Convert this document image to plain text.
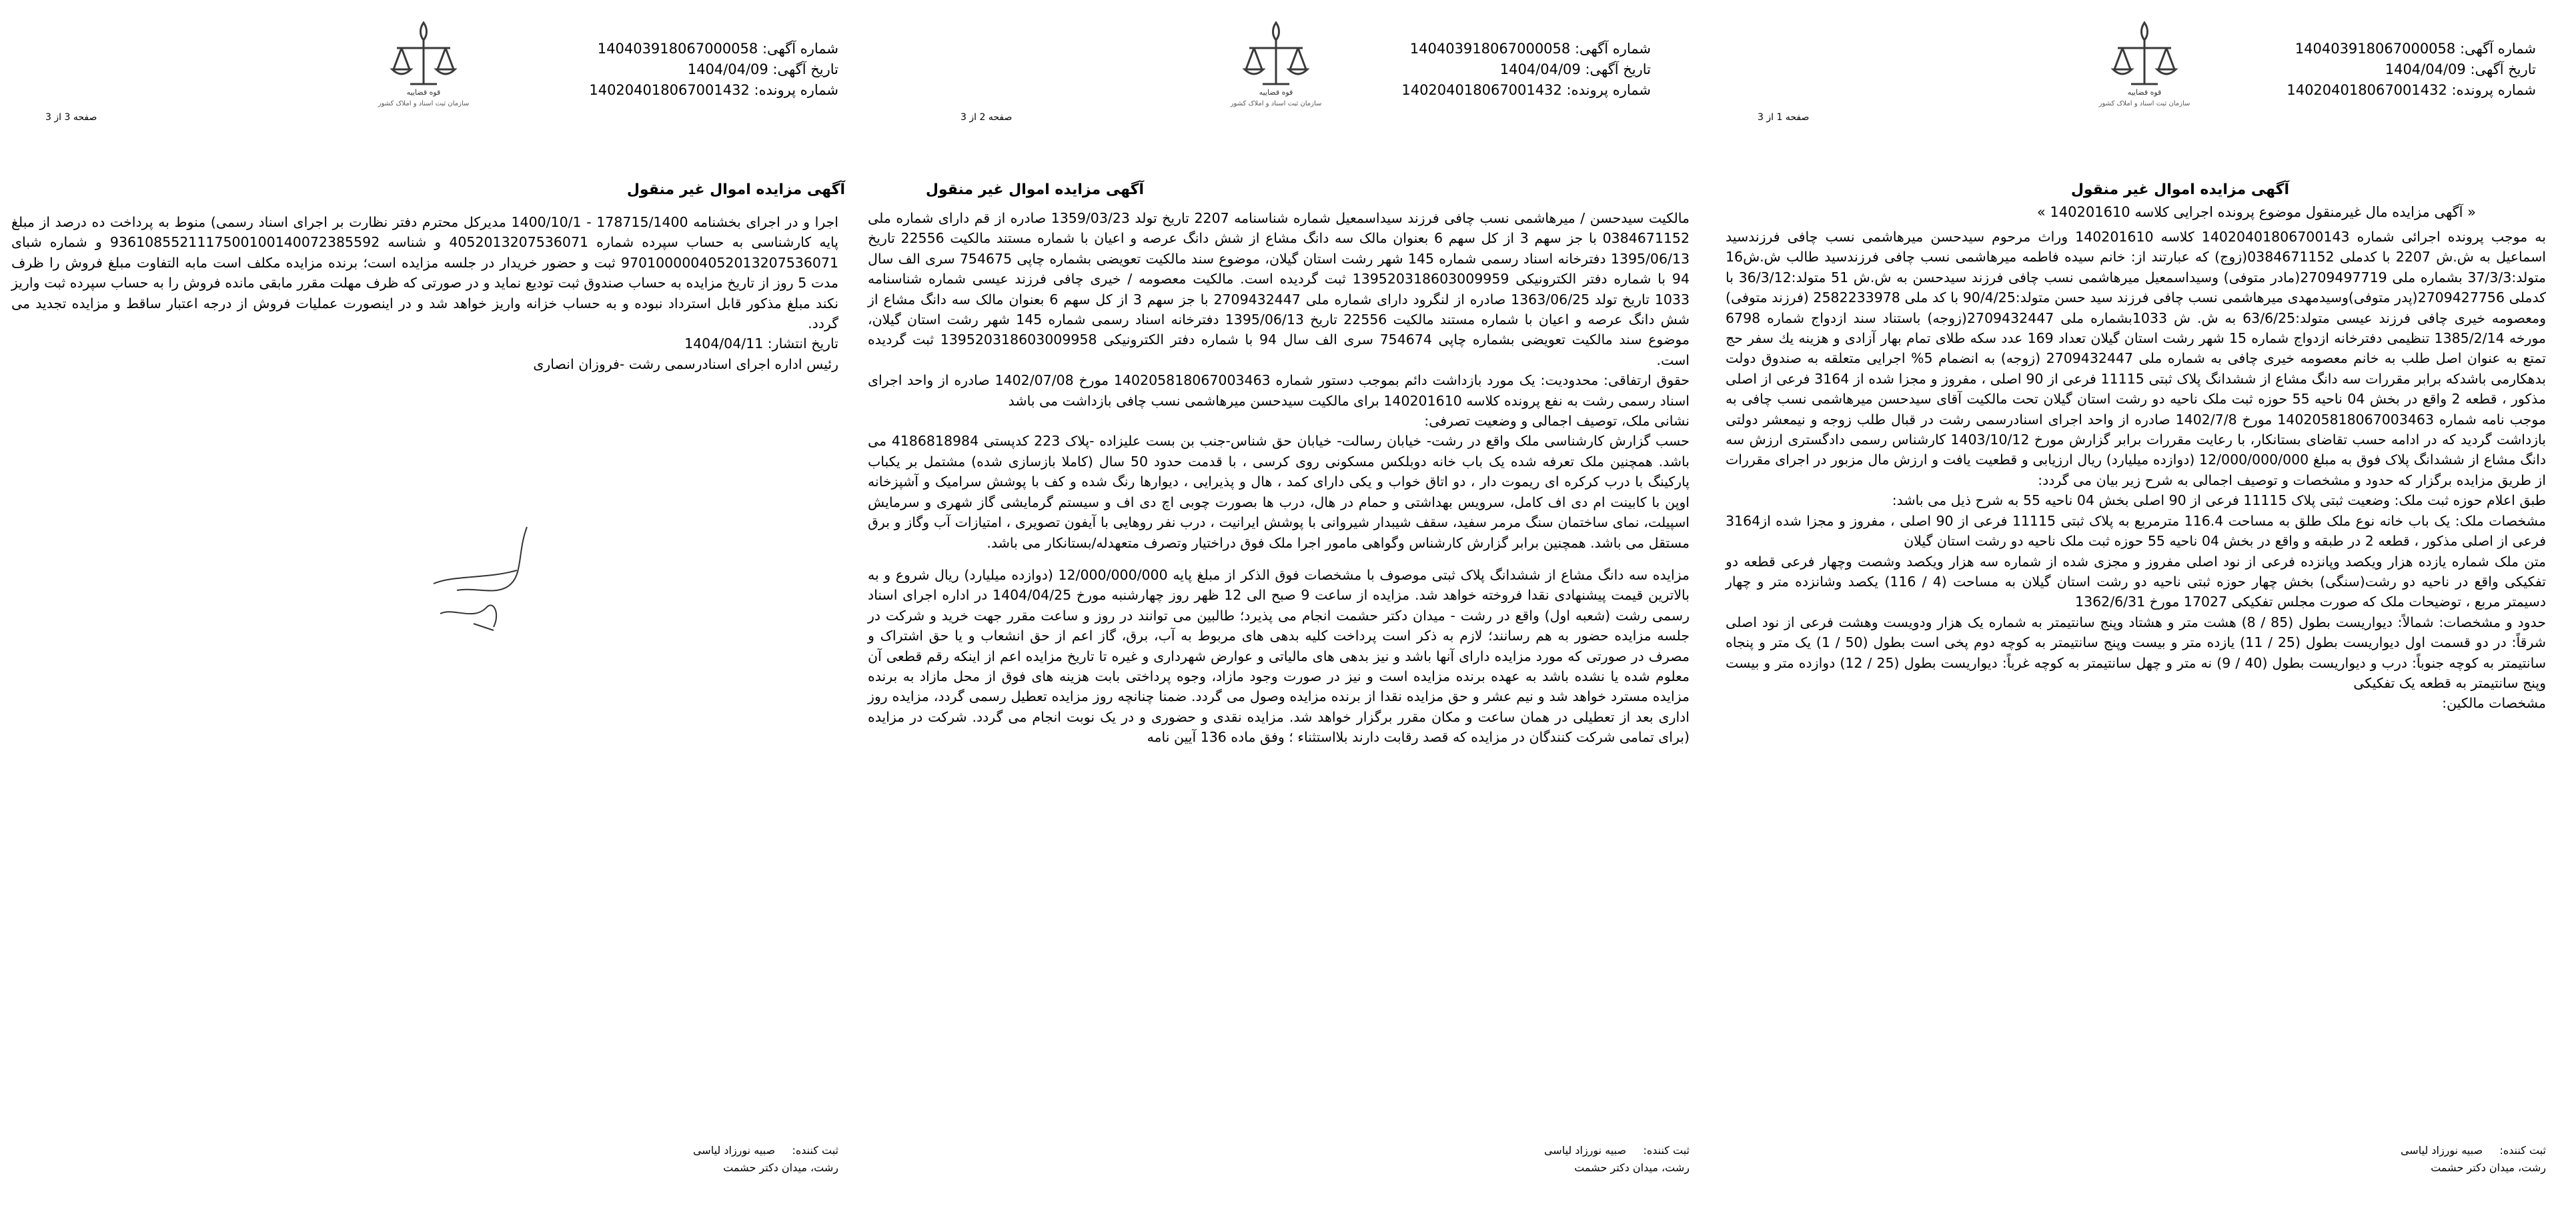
شماره آگهی: 140403918067000058
تاریخ آگهی: 1404/04/09
شماره پرونده: 140204018067001432
قوه قضاییه
سازمان ثبت اسناد و املاک کشور
صفحه 1 از 3
آگهی مزایده اموال غیر منقول
« آگهی مزایده مال غیرمنقول موضوع پرونده اجرایی کلاسه 140201610 »

به موجب پرونده اجرائی شماره 14020401806700143 کلاسه 140201610 وراث مرحوم سیدحسن میرهاشمی نسب چافی فرزندسید اسماعیل به ش.ش 2207 با کدملی 0384671152(زوج) که عبارتند از: خانم سیده فاطمه میرهاشمی نسب چافی فرزندسید طالب ش.ش16 متولد:37/3/3 بشماره ملی 2709497719(مادر متوفی) وسیداسمعیل میرهاشمی نسب چافی فرزند سیدحسن به ش.ش 51 متولد:36/3/12 با کدملی 2709427756(پدر متوفی)وسیدمهدی میرهاشمی نسب چافی فرزند سید حسن متولد:90/4/25 با کد ملی 2582233978 (فرزند متوفی) ومعصومه خیری چافی فرزند عیسی متولد:63/6/25 به ش. ش 1033بشماره ملی 2709432447(زوجه) باستناد سند ازدواج شماره 6798 مورخه 1385/2/14 تنظیمی دفترخانه ازدواج شماره 15 شهر رشت استان گیلان تعداد 169 عدد سکه طلای تمام بهار آزادی و هزینه یك سفر حج تمتع به عنوان اصل طلب به خانم معصومه خیری چافی به شماره ملی 2709432447 (زوجه) به انضمام 5% اجرایی متعلقه به صندوق دولت بدهکارمی باشدکه برابر مقررات سه دانگ مشاع از ششدانگ پلاک ثبتی 11115 فرعی از 90 اصلی ، مفروز و مجزا شده از 3164 فرعی از اصلی مذکور ، قطعه 2 واقع در بخش 04 ناحیه 55 حوزه ثبت ملک ناحیه دو رشت استان گیلان تحت مالکیت آقای سیدحسن میرهاشمی نسب چافی به موجب نامه شماره 140205818067003463 مورخ 1402/7/8 صادره از واحد اجرای اسنادرسمی رشت در قبال طلب زوجه و نیمعشر دولتی بازداشت گردید که در ادامه حسب تقاضای بستانکار، با رعایت مقررات برابر گزارش مورخ 1403/10/12 کارشناس رسمی دادگستری ارزش سه دانگ مشاع از ششدانگ پلاک فوق به مبلغ 12/000/000/000 (دوازده میلیارد) ریال ارزیابی و قطعیت یافت و ارزش مال مزبور در اجرای مقررات از طریق مزایده برگزار که حدود و مشخصات و توصیف اجمالی به شرح زیر بیان می گردد:

طبق اعلام حوزه ثبت ملک: وضعیت ثبتی پلاک 11115 فرعی از 90 اصلی بخش 04 ناحیه 55 به شرح ذیل می باشد:

مشخصات ملک: یک باب خانه نوع ملک طلق به مساحت 116.4 مترمربع به پلاک ثبتی 11115 فرعی از 90 اصلی ، مفروز و مجزا شده از3164 فرعی از اصلی مذکور ، قطعه 2 در طبقه و واقع در بخش 04 ناحیه 55 حوزه ثبت ملک ناحیه دو رشت استان گیلان

متن ملک شماره یازده هزار ویکصد وپانزده فرعی از نود اصلی مفروز و مجزی شده از شماره سه هزار ویکصد وشصت وچهار فرعی قطعه دو تفکیکی واقع در ناحیه دو رشت(سنگی) بخش چهار حوزه ثبتی ناحیه دو رشت استان گیلان به مساحت (4 / 116) یکصد وشانزده متر و چهار دسیمتر مربع ، توضیحات ملک که صورت مجلس تفکیکی 17027 مورخ 1362/6/31

حدود و مشخصات: شمالاً: دیواریست بطول (85 / 8) هشت متر و هشتاد وپنج سانتیمتر به شماره یک هزار ودویست وهشت فرعی از نود اصلی شرقاً: در دو قسمت اول دیواریست بطول (25 / 11) یازده متر و بیست وپنج سانتیمتر به کوچه دوم پخی است بطول (50 / 1) یک متر و پنجاه سانتیمتر به کوچه جنوباً: درب و دیواریست بطول (40 / 9) نه متر و چهل سانتیمتر به کوچه غرباً: دیواریست بطول (25 / 12) دوازده متر و بیست وپنج سانتیمتر به قطعه یک تفکیکی

مشخصات مالکین:

ثبت کننده:     صبیه نورزاد لیاسی
رشت، میدان دکتر حشمت
شماره آگهی: 140403918067000058
تاریخ آگهی: 1404/04/09
شماره پرونده: 140204018067001432
قوه قضاییه
سازمان ثبت اسناد و املاک کشور
صفحه 2 از 3
آگهی مزایده اموال غیر منقول

مالکیت سیدحسن / میرهاشمی نسب چافی فرزند سیداسمعیل شماره شناسنامه 2207 تاریخ تولد 1359/03/23 صادره از قم دارای شماره ملی 0384671152 با جز سهم 3 از کل سهم 6 بعنوان مالک سه دانگ مشاع از شش دانگ عرصه و اعیان با شماره مستند مالکیت 22556 تاریخ 1395/06/13 دفترخانه اسناد رسمی شماره 145 شهر رشت استان گیلان، موضوع سند مالکیت تعویضی بشماره چاپی 754675 سری الف سال 94 با شماره دفتر الکترونیکی 139520318603009959 ثبت گردیده است. مالکیت معصومه / خیری چافی فرزند عیسی شماره شناسنامه 1033 تاریخ تولد 1363/06/25 صادره از لنگرود دارای شماره ملی 2709432447 با جز سهم 3 از کل سهم 6 بعنوان مالک سه دانگ مشاع از شش دانگ عرصه و اعیان با شماره مستند مالکیت 22556 تاریخ 1395/06/13 دفترخانه اسناد رسمی شماره 145 شهر رشت استان گیلان، موضوع سند مالکیت تعویضی بشماره چاپی 754674 سری الف سال 94 با شماره دفتر الکترونیکی 139520318603009958 ثبت گردیده است.

حقوق ارتفاقی: محدودیت: یک مورد بازداشت دائم بموجب دستور شماره 140205818067003463 مورخ 1402/07/08 صادره از واحد اجرای اسناد رسمی رشت به نفع پرونده کلاسه 140201610 برای مالکیت سیدحسن میرهاشمی نسب چافی بازداشت می باشد

نشانی ملک، توصیف اجمالی و وضعیت تصرفی:

حسب گزارش کارشناسی ملک واقع در رشت- خیابان رسالت- خیابان حق شناس-جنب بن بست علیزاده -پلاک 223 کدپستی 4186818984 می باشد. همچنین ملک تعرفه شده یک باب خانه دوبلکس مسکونی روی کرسی ، با قدمت حدود 50 سال (کاملا بازسازی شده) مشتمل بر یکباب پارکینگ با درب کرکره ای ریموت دار ، دو اتاق خواب و یکی دارای کمد ، هال و پذیرایی ، دیوارها رنگ شده و کف با پوشش سرامیک و آشپزخانه اوپن با کابینت ام دی اف کامل، سرویس بهداشتی و حمام در هال، درب ها بصورت چوبی اچ دی اف و سیستم گرمایشی گاز شهری و سرمایش اسپیلت، نمای ساختمان سنگ مرمر سفید، سقف شیبدار شیروانی با پوشش ایرانیت ، درب نفر روهایی با آیفون تصویری ، امتیازات آب وگاز و برق مستقل می باشد. همچنین برابر گزارش کارشناس وگواهی مامور اجرا ملک فوق دراختیار وتصرف متعهدله/بستانکار می باشد.

مزایده سه دانگ مشاع از ششدانگ پلاک ثبتی موصوف با مشخصات فوق الذکر از مبلغ پایه 12/000/000/000 (دوازده میلیارد) ریال شروع و به بالاترین قیمت پیشنهادی نقدا فروخته خواهد شد. مزایده از ساعت 9 صبح الی 12 ظهر روز چهارشنبه مورخ 1404/04/25 در اداره اجرای اسناد رسمی رشت (شعبه اول) واقع در رشت - میدان دکتر حشمت انجام می پذیرد؛ طالبین می توانند در روز و ساعت مقرر جهت خرید و شرکت در جلسه مزایده حضور به هم رسانند؛ لازم به ذکر است پرداخت کلیه بدهی های مربوط به آب، برق، گاز اعم از حق انشعاب و یا حق اشتراک و مصرف در صورتی که مورد مزایده دارای آنها باشد و نیز بدهی های مالیاتی و عوارض شهرداری و غیره تا تاریخ مزایده اعم از اینکه رقم قطعی آن معلوم شده یا نشده باشد به عهده برنده مزایده است و نیز در صورت وجود مازاد، وجوه پرداختی بابت هزینه های فوق از محل مازاد به برنده مزایده مسترد خواهد شد و نیم عشر و حق مزایده نقدا از برنده مزایده وصول می گردد. ضمنا چنانچه روز مزایده تعطیل رسمی گردد، مزایده روز اداری بعد از تعطیلی در همان ساعت و مکان مقرر برگزار خواهد شد. مزایده نقدی و حضوری و در یک نوبت انجام می گردد. شرکت در مزایده (برای تمامی شرکت کنندگان در مزایده که قصد رقابت دارند بلااستثناء ؛ وفق ماده 136 آیین نامه

ثبت کننده:     صبیه نورزاد لیاسی
رشت، میدان دکتر حشمت
شماره آگهی: 140403918067000058
تاریخ آگهی: 1404/04/09
شماره پرونده: 140204018067001432
قوه قضاییه
سازمان ثبت اسناد و املاک کشور
صفحه 3 از 3
آگهی مزایده اموال غیر منقول

اجرا و در اجرای بخشنامه 178715/1400 - 1400/10/1 مدیرکل محترم دفتر نظارت بر اجرای اسناد رسمی) منوط به پرداخت ده درصد از مبلغ پایه کارشناسی به حساب سپرده شماره 4052013207536071 و شناسه 9361085521117500100140072385592 و شماره شبای 9701000004052013207536071 ثبت و حضور خریدار در جلسه مزایده است؛ برنده مزایده مکلف است مابه التفاوت مبلغ فروش را ظرف مدت 5 روز از تاریخ مزایده به حساب صندوق ثبت تودیع نماید و در صورتی که ظرف مهلت مقرر مابقی مانده فروش را به حساب سپرده ثبت واریز نکند مبلغ مذکور قابل استرداد نبوده و به حساب خزانه واریز خواهد شد و در اینصورت عملیات فروش از درجه اعتبار ساقط و مزایده تجدید می گردد.

تاریخ انتشار: 1404/04/11

رئیس اداره اجرای اسنادرسمی رشت -فروزان انصاری

ثبت کننده:     صبیه نورزاد لیاسی
رشت، میدان دکتر حشمت
